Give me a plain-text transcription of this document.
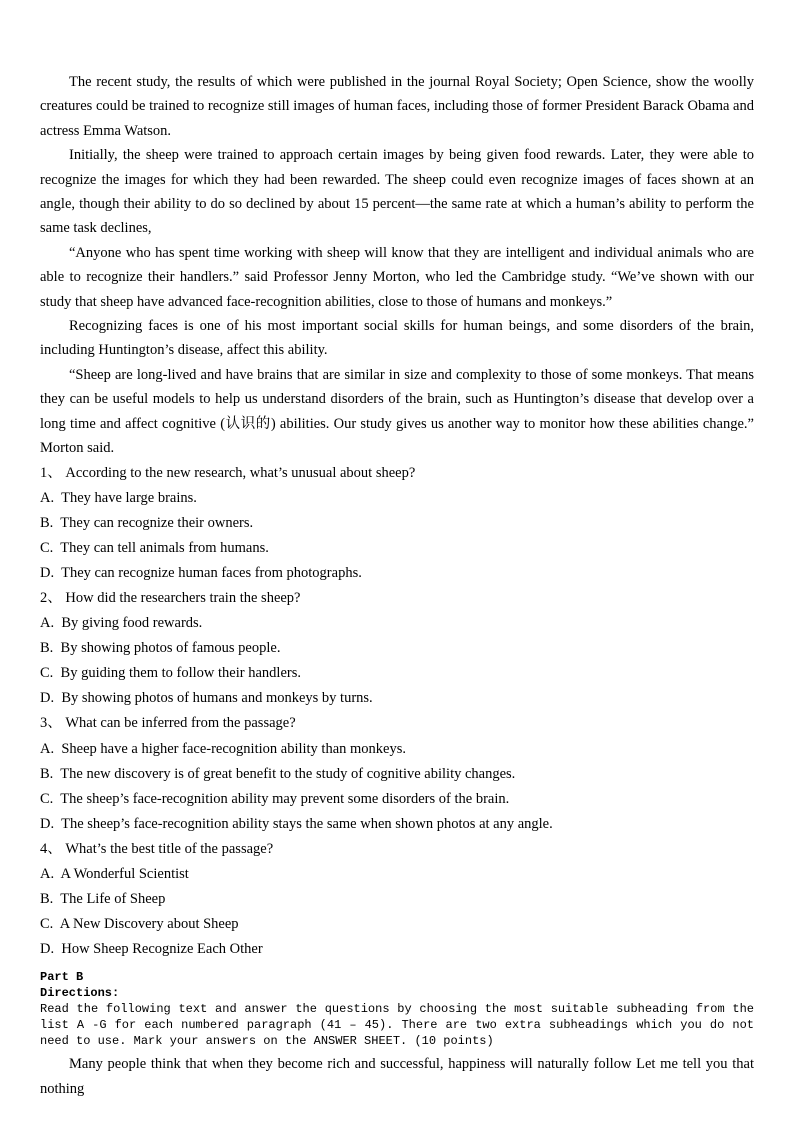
The recent study, the results of which were published in the journal Royal Society; Open Science, show the woolly creatures could be trained to recognize still images of human faces, including those of former President Barack Obama and actress Emma Watson.

Initially, the sheep were trained to approach certain images by being given food rewards. Later, they were able to recognize the images for which they had been rewarded. The sheep could even recognize images of faces shown at an angle, though their ability to do so declined by about 15 percent—the same rate at which a human’s ability to perform the same task declines,

“Anyone who has spent time working with sheep will know that they are intelligent and individual animals who are able to recognize their handlers.” said Professor Jenny Morton, who led the Cambridge study. “We’ve shown with our study that sheep have advanced face-recognition abilities, close to those of humans and monkeys.”

Recognizing faces is one of his most important social skills for human beings, and some disorders of the brain, including Huntington’s disease, affect this ability.

“Sheep are long-lived and have brains that are similar in size and complexity to those of some monkeys. That means they can be useful models to help us understand disorders of the brain, such as Huntington’s disease that develop over a long time and affect cognitive (认识的) abilities. Our study gives us another way to monitor how these abilities change.” Morton said.

1、 According to the new research, what’s unusual about sheep?

A.  They have large brains.

B.  They can recognize their owners.

C.  They can tell animals from humans.

D.  They can recognize human faces from photographs.

2、 How did the researchers train the sheep?

A.  By giving food rewards.

B.  By showing photos of famous people.

C.  By guiding them to follow their handlers.

D.  By showing photos of humans and monkeys by turns.

3、 What can be inferred from the passage?

A.  Sheep have a higher face-recognition ability than monkeys.

B.  The new discovery is of great benefit to the study of cognitive ability changes.

C.  The sheep’s face-recognition ability may prevent some disorders of the brain.

D.  The sheep’s face-recognition ability stays the same when shown photos at any angle.

4、 What’s the best title of the passage?

A.  A Wonderful Scientist

B.  The Life of Sheep

C.  A New Discovery about Sheep

D.  How Sheep Recognize Each Other

Part B

Directions:

Read the following text and answer the questions by choosing the most suitable subheading from the list A -G for each numbered paragraph (41 – 45). There are two extra subheadings which you do not need to use. Mark your answers on the ANSWER SHEET. (10 points)

Many people think that when they become rich and successful, happiness will naturally follow Let me tell you that nothing
